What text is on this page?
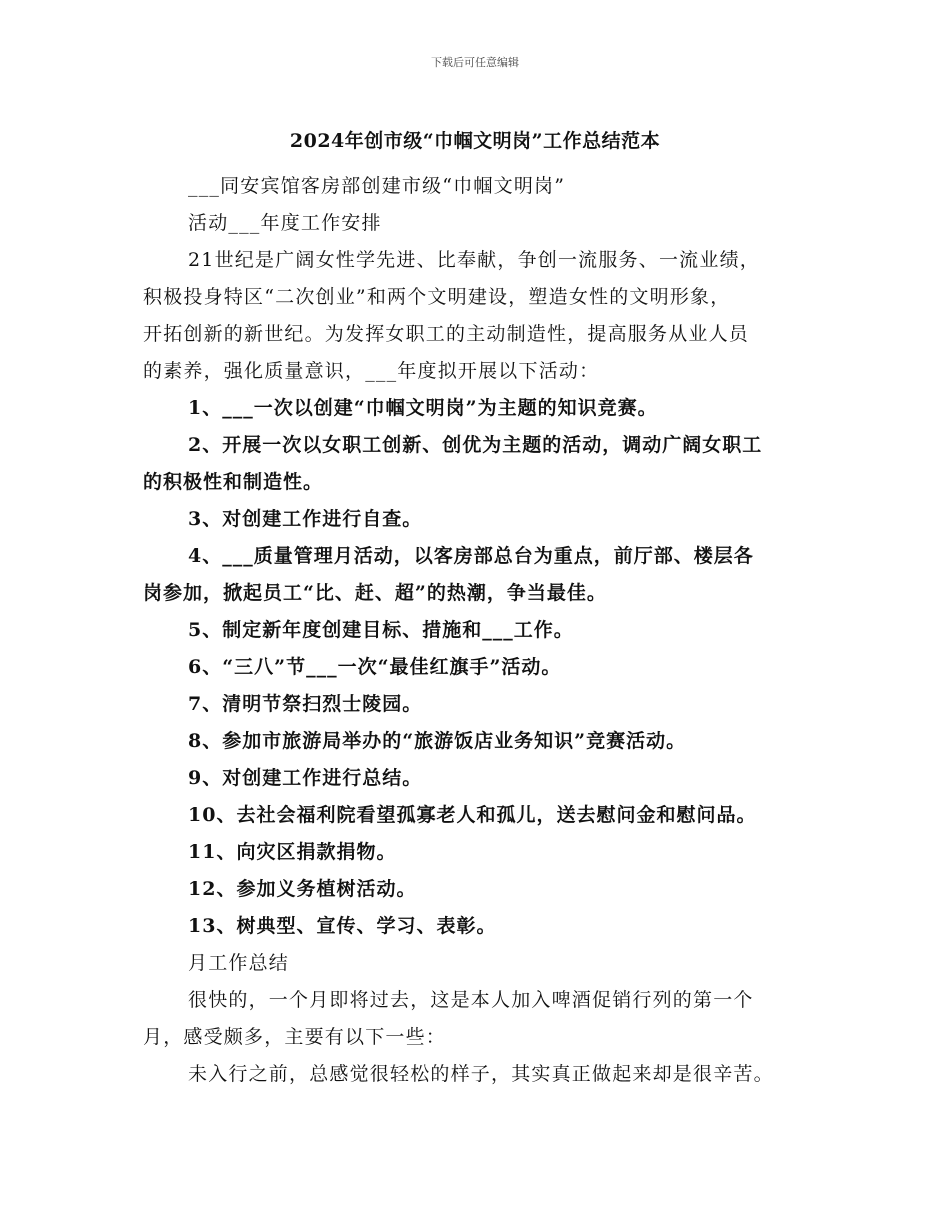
下载后可任意编辑
2024年创市级“巾帼文明岗”工作总结范本
___同安宾馆客房部创建市级“巾帼文明岗”
活动___年度工作安排
21世纪是广阔女性学先进、比奉献，争创一流服务、一流业绩，
积极投身特区“二次创业”和两个文明建设，塑造女性的文明形象，
开拓创新的新世纪。为发挥女职工的主动制造性，提高服务从业人员
的素养，强化质量意识，___年度拟开展以下活动：
1、___一次以创建“巾帼文明岗”为主题的知识竞赛。
2、开展一次以女职工创新、创优为主题的活动，调动广阔女职工
的积极性和制造性。
3、对创建工作进行自查。
4、___质量管理月活动，以客房部总台为重点，前厅部、楼层各
岗参加，掀起员工“比、赶、超”的热潮，争当最佳。
5、制定新年度创建目标、措施和___工作。
6、“三八”节___一次“最佳红旗手”活动。
7、清明节祭扫烈士陵园。
8、参加市旅游局举办的“旅游饭店业务知识”竞赛活动。
9、对创建工作进行总结。
10、去社会福利院看望孤寡老人和孤儿，送去慰问金和慰问品。
11、向灾区捐款捐物。
12、参加义务植树活动。
13、树典型、宣传、学习、表彰。
月工作总结
很快的，一个月即将过去，这是本人加入啤酒促销行列的第一个
月，感受颇多，主要有以下一些：
未入行之前，总感觉很轻松的样子，其实真正做起来却是很辛苦。
